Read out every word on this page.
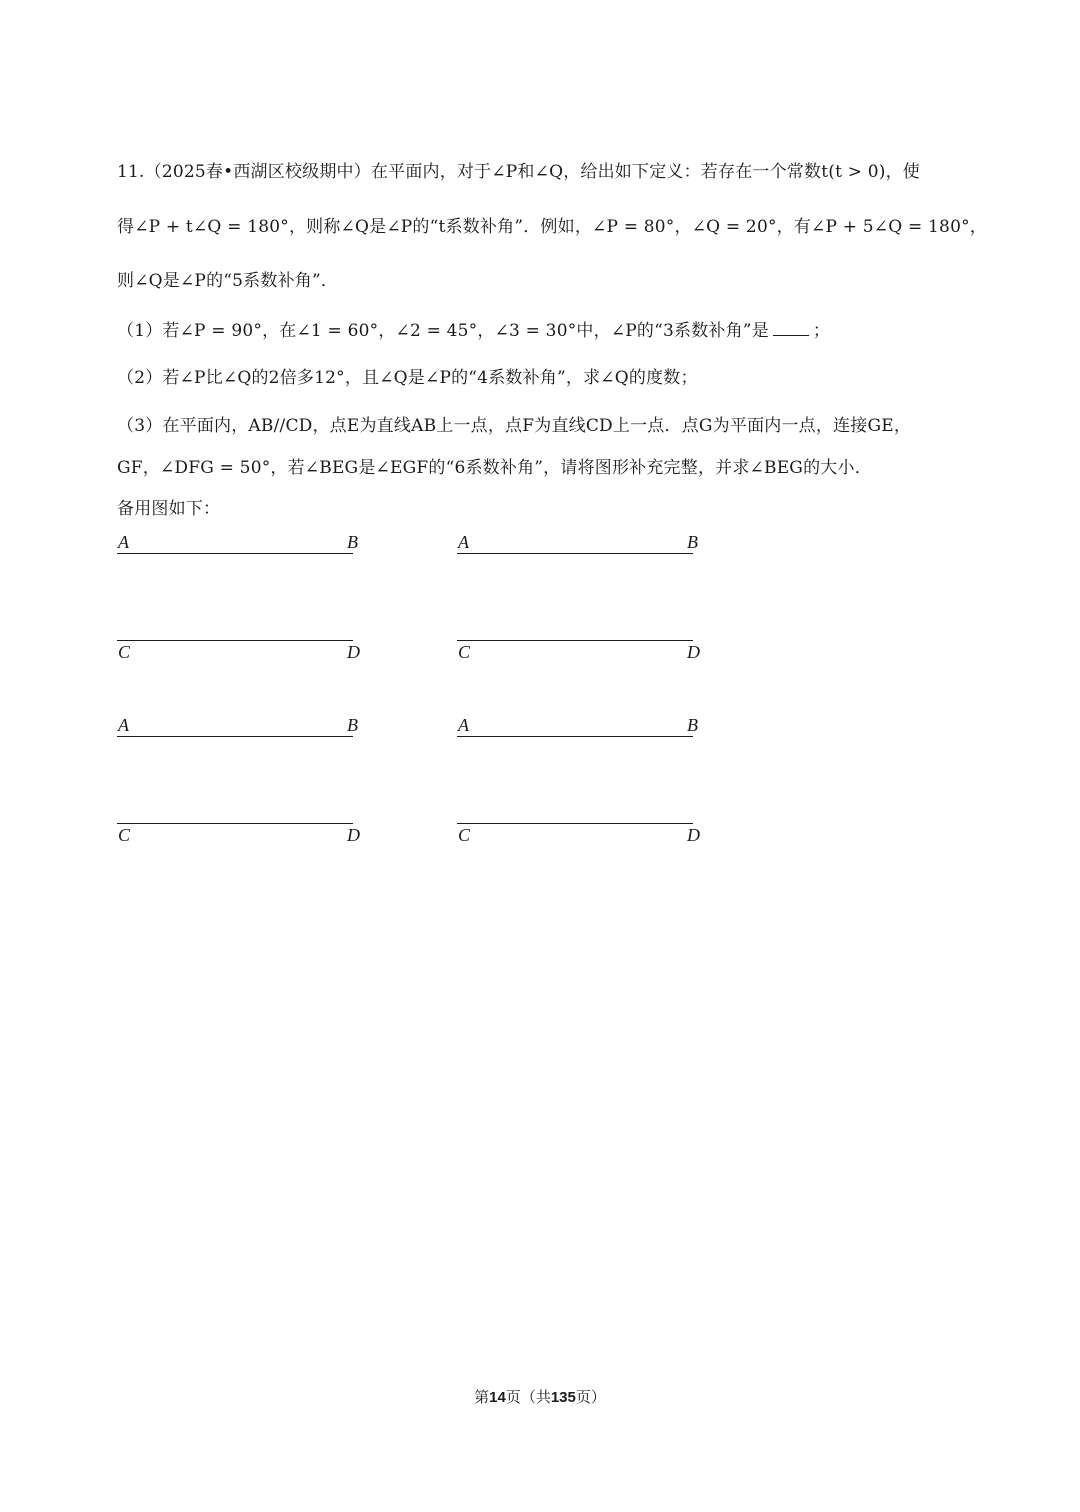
11.（2025春•西湖区校级期中）在平面内，对于∠P和∠Q，给出如下定义：若存在一个常数t(t > 0)，使
得∠P + t∠Q = 180°，则称∠Q是∠P的“t系数补角”．例如，∠P = 80°，∠Q = 20°，有∠P + 5∠Q = 180°，
则∠Q是∠P的“5系数补角”．
（1）若∠P = 90°，在∠1 = 60°，∠2 = 45°，∠3 = 30°中，∠P的“3系数补角”是	；
（2）若∠P比∠Q的2倍多12°，且∠Q是∠P的“4系数补角”，求∠Q的度数；
（3）在平面内，AB//CD，点E为直线AB上一点，点F为直线CD上一点．点G为平面内一点，连接GE，
GF，∠DFG = 50°，若∠BEG是∠EGF的“6系数补角”，请将图形补充完整，并求∠BEG的大小．
备用图如下：
A	B
C	D
A	B
C	D
A	B
C	D
A	B
C	D
第14页（共135页）
